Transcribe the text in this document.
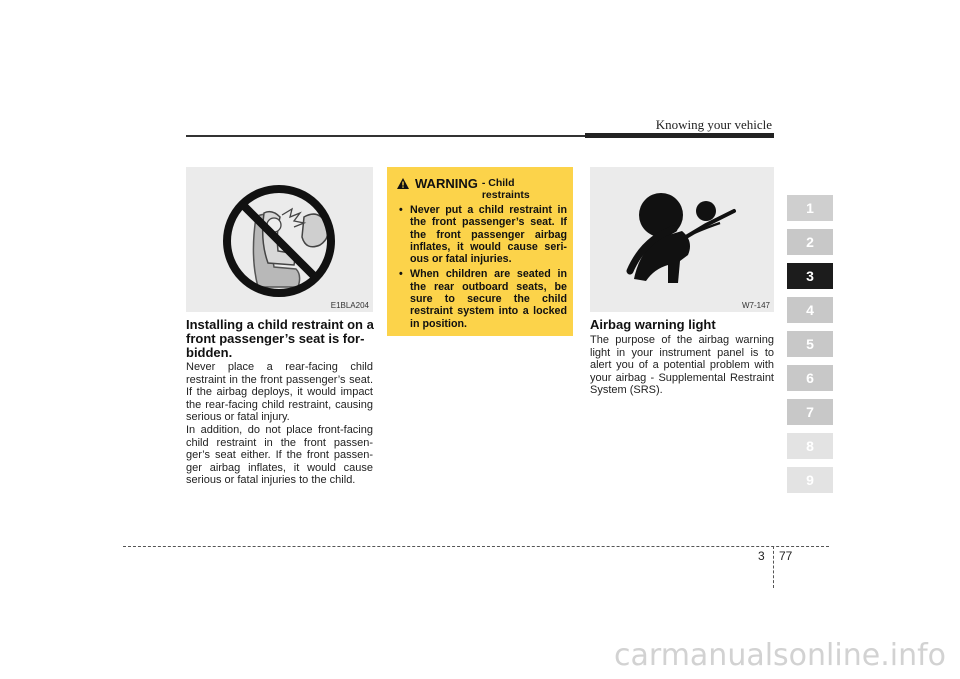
Knowing your vehicle
1
2
3
4
5
6
7
8
9
E1BLA204
Installing a child restraint on a front passenger’s seat is for- bidden.
Never place a rear-facing child restraint in the front passenger’s seat. If the airbag deploys, it would impact the rear-facing child restraint, causing serious or fatal injury.
In addition, do not place front-facing child restraint in the front passen- ger’s seat either. If the front passen- ger airbag inflates, it would cause serious or fatal injuries to the child.
WARNING - Child restraints
• Never put a child restraint in the front passenger’s seat. If the front passenger airbag inflates, it would cause seri- ous or fatal injuries.
• When children are seated in the rear outboard seats, be sure to secure the child restraint system into a locked in position.
W7-147
Airbag warning light
The purpose of the airbag warning light in your instrument panel is to alert you of a potential problem with your airbag - Supplemental Restraint System (SRS).
3 77
carmanualsonline.info
